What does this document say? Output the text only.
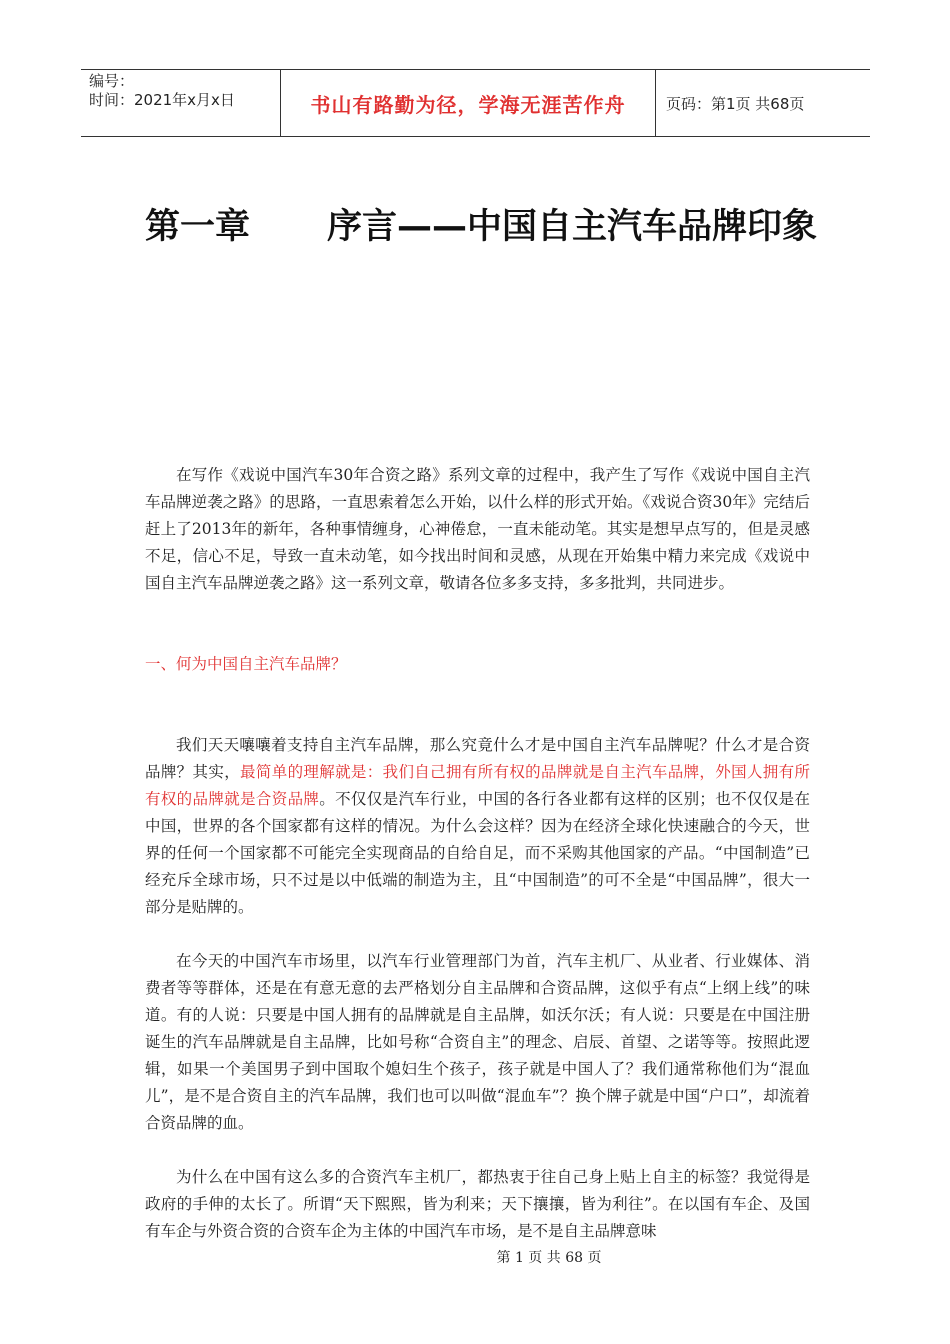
编号：
时间：2021年x月x日	书山有路勤为径，学海无涯苦作舟	页码：第1页 共68页
第一章 序言——中国自主汽车品牌印象

在写作《戏说中国汽车30年合资之路》系列文章的过程中，我产生了写作《戏说中国自主汽车品牌逆袭之路》的思路，一直思索着怎么开始，以什么样的形式开始。《戏说合资30年》完结后赶上了2013年的新年，各种事情缠身，心神倦怠，一直未能动笔。其实是想早点写的，但是灵感不足，信心不足，导致一直未动笔，如今找出时间和灵感，从现在开始集中精力来完成《戏说中国自主汽车品牌逆袭之路》这一系列文章，敬请各位多多支持，多多批判，共同进步。

一、何为中国自主汽车品牌？

我们天天嚷嚷着支持自主汽车品牌，那么究竟什么才是中国自主汽车品牌呢？什么才是合资品牌？其实，最简单的理解就是：我们自己拥有所有权的品牌就是自主汽车品牌，外国人拥有所有权的品牌就是合资品牌。不仅仅是汽车行业，中国的各行各业都有这样的区别；也不仅仅是在中国，世界的各个国家都有这样的情况。为什么会这样？因为在经济全球化快速融合的今天，世界的任何一个国家都不可能完全实现商品的自给自足，而不采购其他国家的产品。“中国制造”已经充斥全球市场，只不过是以中低端的制造为主，且“中国制造”的可不全是“中国品牌”，很大一部分是贴牌的。

在今天的中国汽车市场里，以汽车行业管理部门为首，汽车主机厂、从业者、行业媒体、消费者等等群体，还是在有意无意的去严格划分自主品牌和合资品牌，这似乎有点“上纲上线”的味道。有的人说：只要是中国人拥有的品牌就是自主品牌，如沃尔沃；有人说：只要是在中国注册诞生的汽车品牌就是自主品牌，比如号称“合资自主”的理念、启辰、首望、之诺等等。按照此逻辑，如果一个美国男子到中国取个媳妇生个孩子，孩子就是中国人了？我们通常称他们为“混血儿”，是不是合资自主的汽车品牌，我们也可以叫做“混血车”？换个牌子就是中国“户口”，却流着合资品牌的血。

为什么在中国有这么多的合资汽车主机厂，都热衷于往自己身上贴上自主的标签？我觉得是政府的手伸的太长了。所谓“天下熙熙，皆为利来；天下攘攘，皆为利往”。在以国有车企、及国有车企与外资合资的合资车企为主体的中国汽车市场，是不是自主品牌意味

第 1 页 共 68 页
